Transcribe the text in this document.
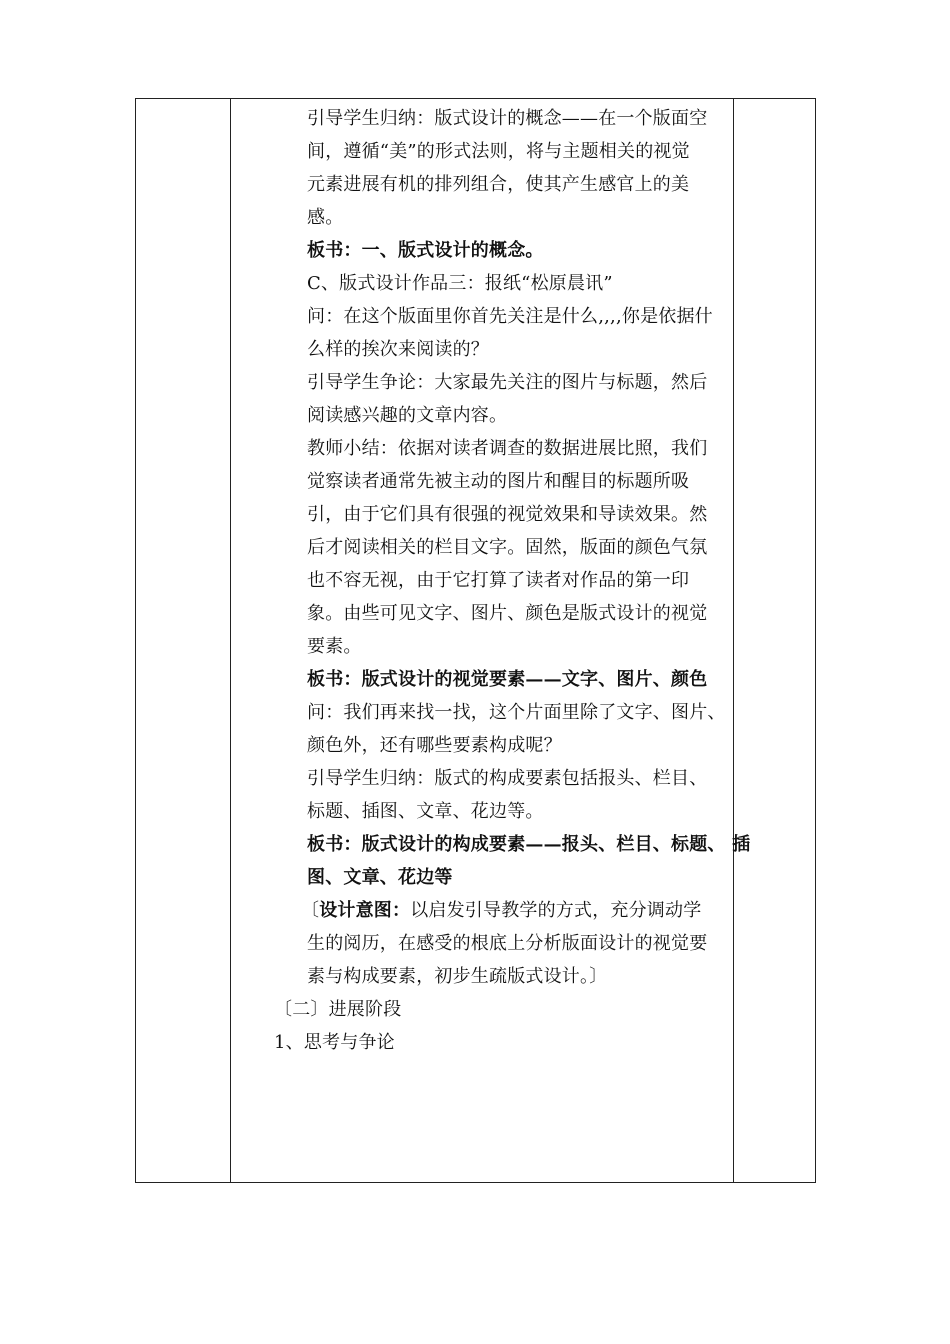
引导学生归纳：版式设计的概念——在一个版面空
间，遵循“美”的形式法则，将与主题相关的视觉
元素进展有机的排列组合，使其产生感官上的美
感。
板书：一、版式设计的概念。
C、版式设计作品三：报纸“松原晨讯”
问：在这个版面里你首先关注是什么,,,,你是依据什
么样的挨次来阅读的？
引导学生争论：大家最先关注的图片与标题，然后
阅读感兴趣的文章内容。
教师小结：依据对读者调查的数据进展比照，我们
觉察读者通常先被主动的图片和醒目的标题所吸
引，由于它们具有很强的视觉效果和导读效果。然
后才阅读相关的栏目文字。固然，版面的颜色气氛
也不容无视，由于它打算了读者对作品的第一印
象。由些可见文字、图片、颜色是版式设计的视觉
要素。
板书：版式设计的视觉要素——文字、图片、颜色
问：我们再来找一找，这个片面里除了文字、图片、
颜色外，还有哪些要素构成呢？
引导学生归纳：版式的构成要素包括报头、栏目、
标题、插图、文章、花边等。
板书：版式设计的构成要素——报头、栏目、标题、 插
图、文章、花边等
〔设计意图：以启发引导教学的方式，充分调动学
生的阅历，在感受的根底上分析版面设计的视觉要
素与构成要素，初步生疏版式设计。〕
〔二〕进展阶段
1、思考与争论
